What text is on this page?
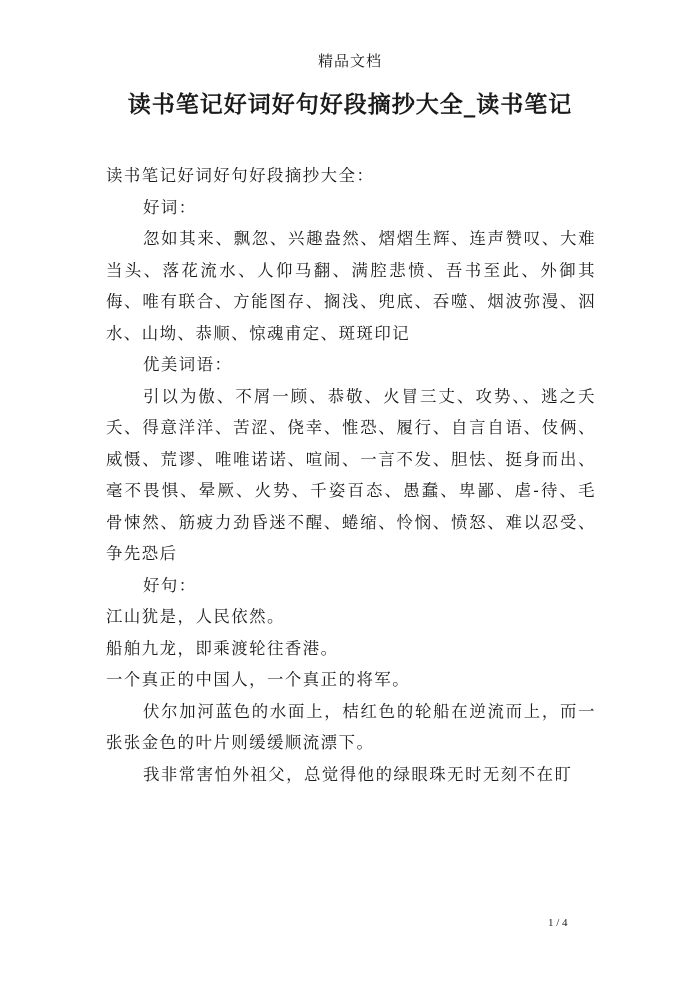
精品文档
读书笔记好词好句好段摘抄大全_读书笔记

读书笔记好词好句好段摘抄大全：

好词：

忽如其来、飘忽、兴趣盎然、熠熠生辉、连声赞叹、大难当头、落花流水、人仰马翻、满腔悲愤、吾书至此、外御其侮、唯有联合、方能图存、搁浅、兜底、吞噬、烟波弥漫、泅水、山坳、恭顺、惊魂甫定、斑斑印记

优美词语：

引以为傲、不屑一顾、恭敬、火冒三丈、攻势、、逃之夭夭、得意洋洋、苦涩、侥幸、惟恐、履行、自言自语、伎俩、威慑、荒谬、唯唯诺诺、喧闹、一言不发、胆怯、挺身而出、毫不畏惧、晕厥、火势、千姿百态、愚蠢、卑鄙、虐-待、毛骨悚然、筋疲力劲昏迷不醒、蜷缩、怜悯、愤怒、难以忍受、争先恐后

好句：

江山犹是，人民依然。

船舶九龙，即乘渡轮往香港。

一个真正的中国人，一个真正的将军。

伏尔加河蓝色的水面上，桔红色的轮船在逆流而上，而一张张金色的叶片则缓缓顺流漂下。

我非常害怕外祖父，总觉得他的绿眼珠无时无刻不在盯

1 / 4
